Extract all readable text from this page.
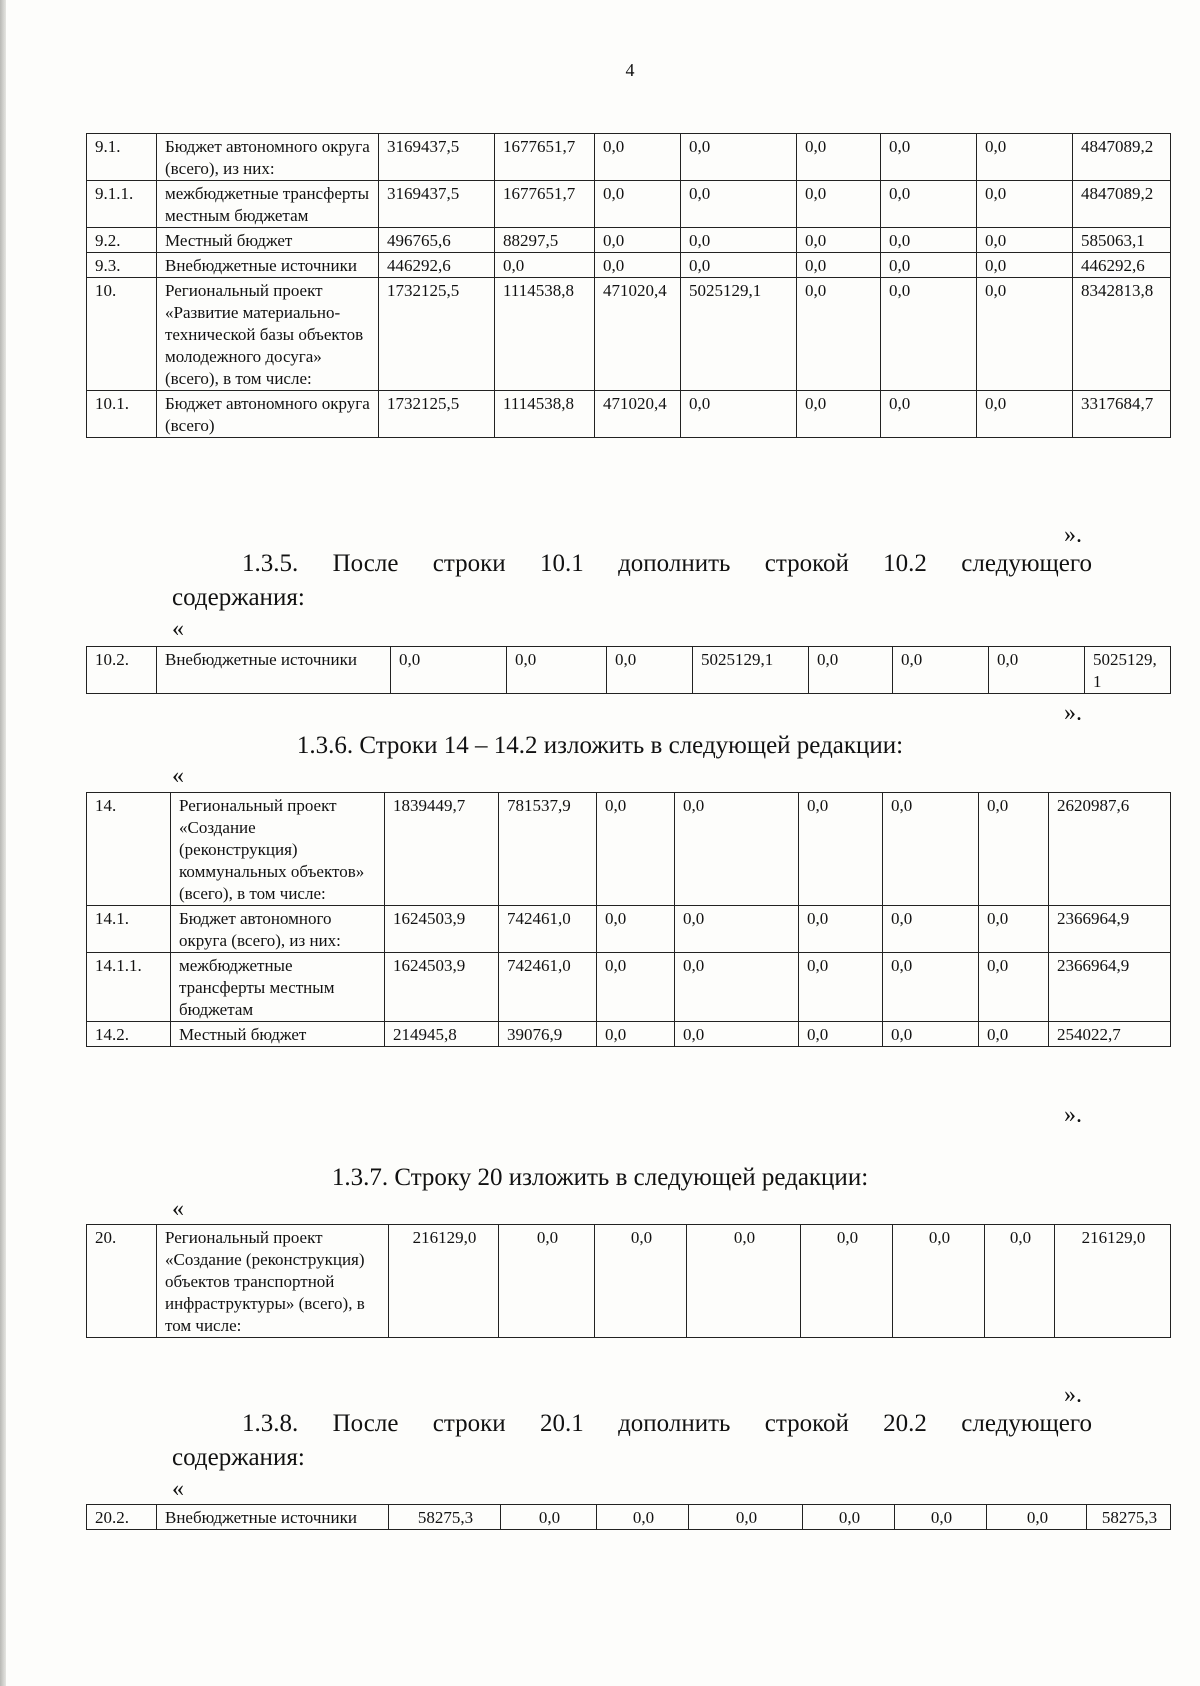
4
9.1.	Бюджет автономного округа (всего), из них:	3169437,5	1677651,7	0,0	0,0	0,0	0,0	0,0	4847089,2
9.1.1.	межбюджетные трансферты местным бюджетам	3169437,5	1677651,7	0,0	0,0	0,0	0,0	0,0	4847089,2
9.2.	Местный бюджет	496765,6	88297,5	0,0	0,0	0,0	0,0	0,0	585063,1
9.3.	Внебюджетные источники	446292,6	0,0	0,0	0,0	0,0	0,0	0,0	446292,6
10.	Региональный проект «Развитие материально-технической базы объектов молодежного досуга» (всего), в том числе:	1732125,5	1114538,8	471020,4	5025129,1	0,0	0,0	0,0	8342813,8
10.1.	Бюджет автономного округа (всего)	1732125,5	1114538,8	471020,4	0,0	0,0	0,0	0,0	3317684,7
».
1.3.5. После строки 10.1 дополнить строкой 10.2 следующего
содержания:
«
10.2.	Внебюджетные источники	0,0	0,0	0,0	5025129,1	0,0	0,0	0,0	5025129,1
».
1.3.6. Строки 14 – 14.2 изложить в следующей редакции:
«
14.	Региональный проект «Создание (реконструкция) коммунальных объектов» (всего), в том числе:	1839449,7	781537,9	0,0	0,0	0,0	0,0	0,0	2620987,6
14.1.	Бюджет автономного округа (всего), из них:	1624503,9	742461,0	0,0	0,0	0,0	0,0	0,0	2366964,9
14.1.1.	межбюджетные трансферты местным бюджетам	1624503,9	742461,0	0,0	0,0	0,0	0,0	0,0	2366964,9
14.2.	Местный бюджет	214945,8	39076,9	0,0	0,0	0,0	0,0	0,0	254022,7
».
1.3.7. Строку 20 изложить в следующей редакции:
«
20.	Региональный проект «Создание (реконструкция) объектов транспортной инфраструктуры» (всего), в том числе:	216129,0	0,0	0,0	0,0	0,0	0,0	0,0	216129,0
».
1.3.8. После строки 20.1 дополнить строкой 20.2 следующего
содержания:
«
20.2.	Внебюджетные источники	58275,3	0,0	0,0	0,0	0,0	0,0	0,0	58275,3
